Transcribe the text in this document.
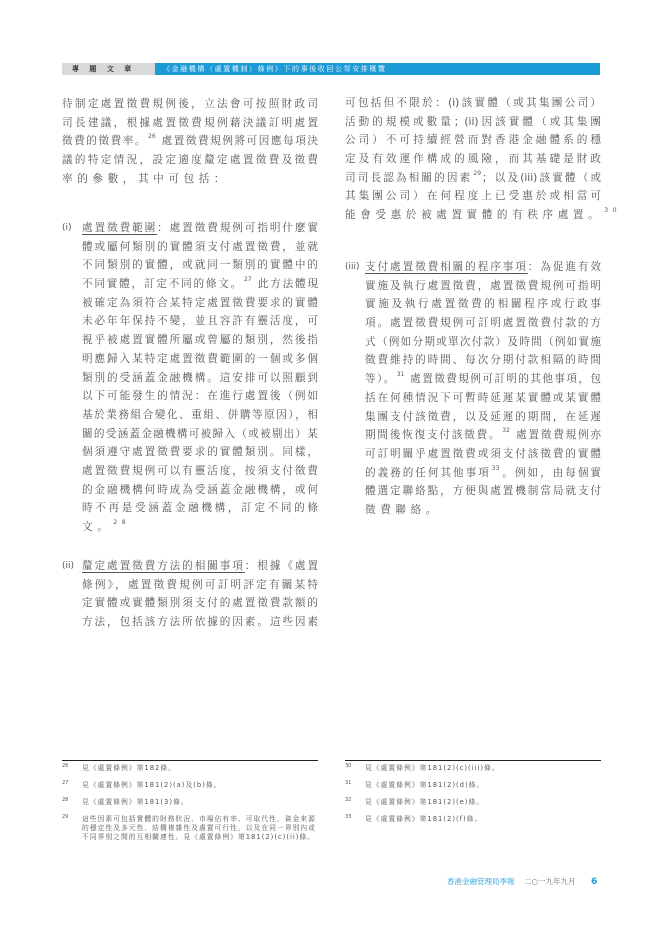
專 題 文 章	《金融機構（處置機制）條例》下的事後收回公帑安排概覽
待制定處置徵費規例後，立法會可按照財政司
司長建議，根據處置徵費規例藉決議訂明處置
徵費的徵費率。$^{26}$ 處置徵費規例將可因應每項決
議的特定情況，設定適度釐定處置徵費及徵費
率的參數，其中可包括：
(i) 處置徵費範圍：處置徵費規例可指明什麼實
體或屬何類別的實體須支付處置徵費，並就
不同類別的實體，或就同一類別的實體中的
不同實體，訂定不同的條文。$^{27}$ 此方法體現
被確定為須符合某特定處置徵費要求的實體
未必年年保持不變，並且容許有靈活度，可
視乎被處置實體所屬或曾屬的類別，然後指
明應歸入某特定處置徵費範圍的一個或多個
類別的受涵蓋金融機構。這安排可以照顧到
以下可能發生的情況：在進行處置後（例如
基於業務組合變化、重組、併購等原因），相
關的受涵蓋金融機構可被歸入（或被剔出）某
個須遵守處置徵費要求的實體類別。同樣，
處置徵費規例可以有靈活度，按須支付徵費
的金融機構何時成為受涵蓋金融機構，或何
時不再是受涵蓋金融機構，訂定不同的條
文。$^{28}$
(ii) 釐定處置徵費方法的相關事項：根據《處置
條例》，處置徵費規例可訂明評定有關某特
定實體或實體類別須支付的處置徵費款額的
方法，包括該方法所依據的因素。這些因素
可包括但不限於：(i)該實體（或其集團公司）
活動的規模或數量；(ii)因該實體（或其集團
公司）不可持續經營而對香港金融體系的穩
定及有效運作構成的風險，而其基礎是財政
司司長認為相關的因素$^{29}$；以及(iii)該實體（或
其集團公司）在何程度上已受惠於或相當可
能會受惠於被處置實體的有秩序處置。$^{30}$
(iii) 支付處置徵費相關的程序事項：為促進有效
實施及執行處置徵費，處置徵費規例可指明
實施及執行處置徵費的相關程序或行政事
項。處置徵費規例可訂明處置徵費付款的方
式（例如分期或單次付款）及時間（例如實施
徵費維持的時間、每次分期付款相隔的時間
等）。$^{31}$ 處置徵費規例可訂明的其他事項，包
括在何種情況下可暫時延遲某實體或某實體
集團支付該徵費，以及延遲的期間，在延遲
期間後恢復支付該徵費。$^{32}$ 處置徵費規例亦
可訂明關乎處置徵費或須支付該徵費的實體
的義務的任何其他事項$^{33}$。例如，由每個實
體選定聯絡點，方便與處置機制當局就支付
徵費聯絡。
26 見《處置條例》第182條。
27 見《處置條例》第181(2)(a)及(b)條。
28 見《處置條例》第181(3)條。
29 這些因素可包括實體的財務狀況、市場佔有率、可取代性、資金來源的穩定性及多元性、結構複雜性及處置可行性，以及在同一界別內或不同界別之間的互相關連性。見《處置條例》第181(2)(c)(ii)條。
30 見《處置條例》第181(2)(c)(iii)條。
31 見《處置條例》第181(2)(d)條。
32 見《處置條例》第181(2)(e)條。
33 見《處置條例》第181(2)(f)條。
香港金融管理局季報 二○一九年九月 6
